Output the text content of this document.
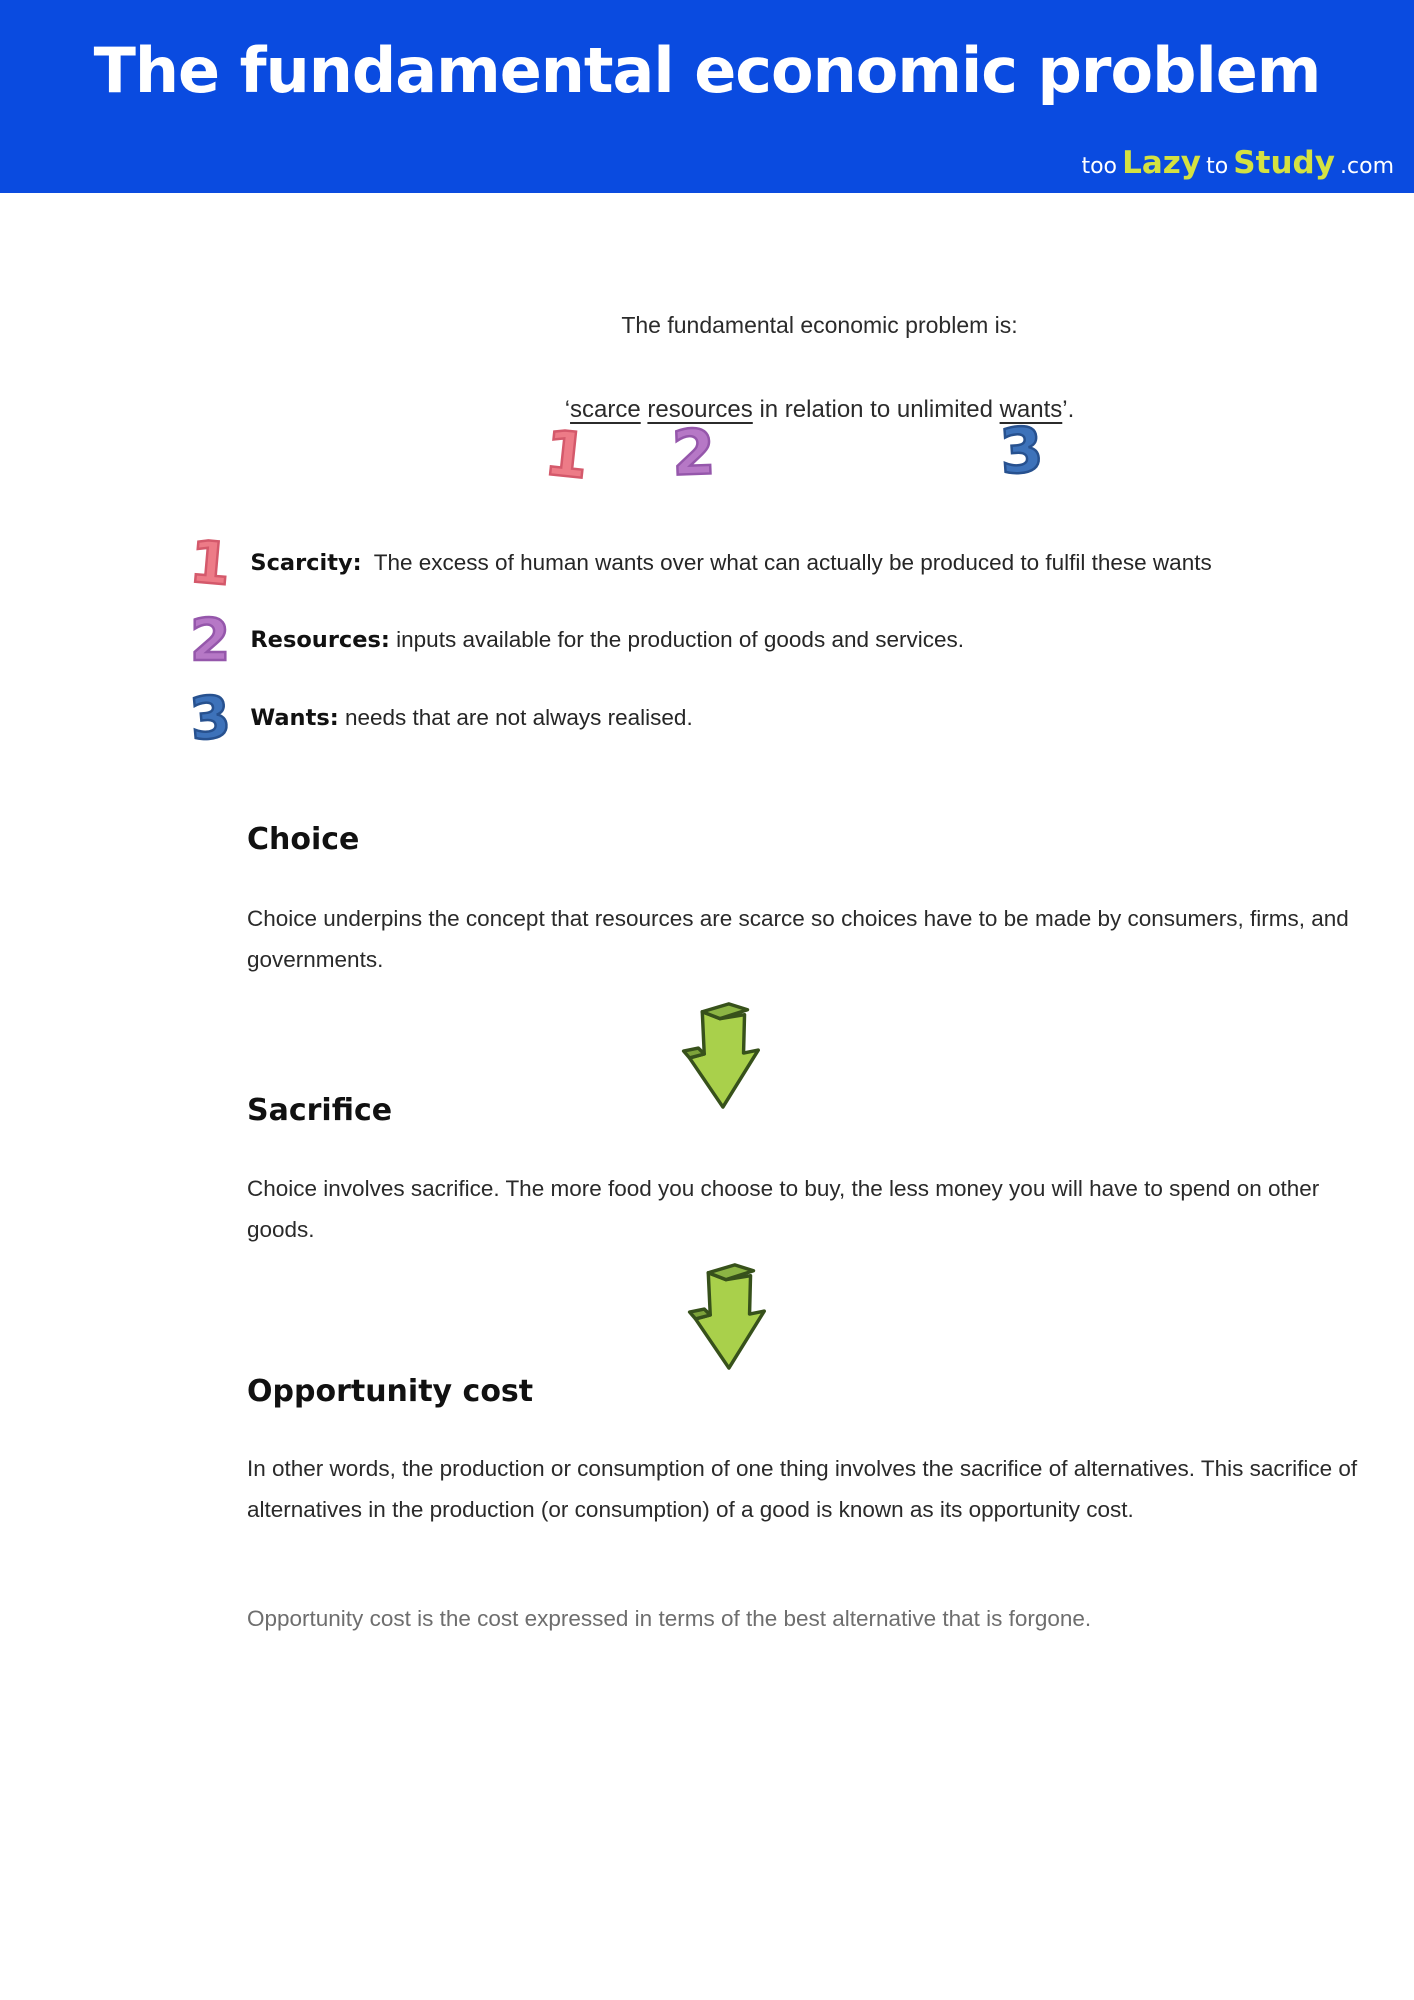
The fundamental economic problem
too Lazy to Study .com
The fundamental economic problem is:
‘scarce resources in relation to unlimited wants’.
1 2	3
1 Scarcity:  The excess of human wants over what can actually be produced to fulfil these wants
2 Resources: inputs available for the production of goods and services.
3 Wants: needs that are not always realised.
Choice
Choice underpins the concept that resources are scarce so choices have to be made by consumers, firms, and governments.
Sacrifice
Choice involves sacrifice. The more food you choose to buy, the less money you will have to spend on other goods.
Opportunity cost
In other words, the production or consumption of one thing involves the sacrifice of alternatives. This sacrifice of alternatives in the production (or consumption) of a good is known as its opportunity cost.
Opportunity cost is the cost expressed in terms of the best alternative that is forgone.
